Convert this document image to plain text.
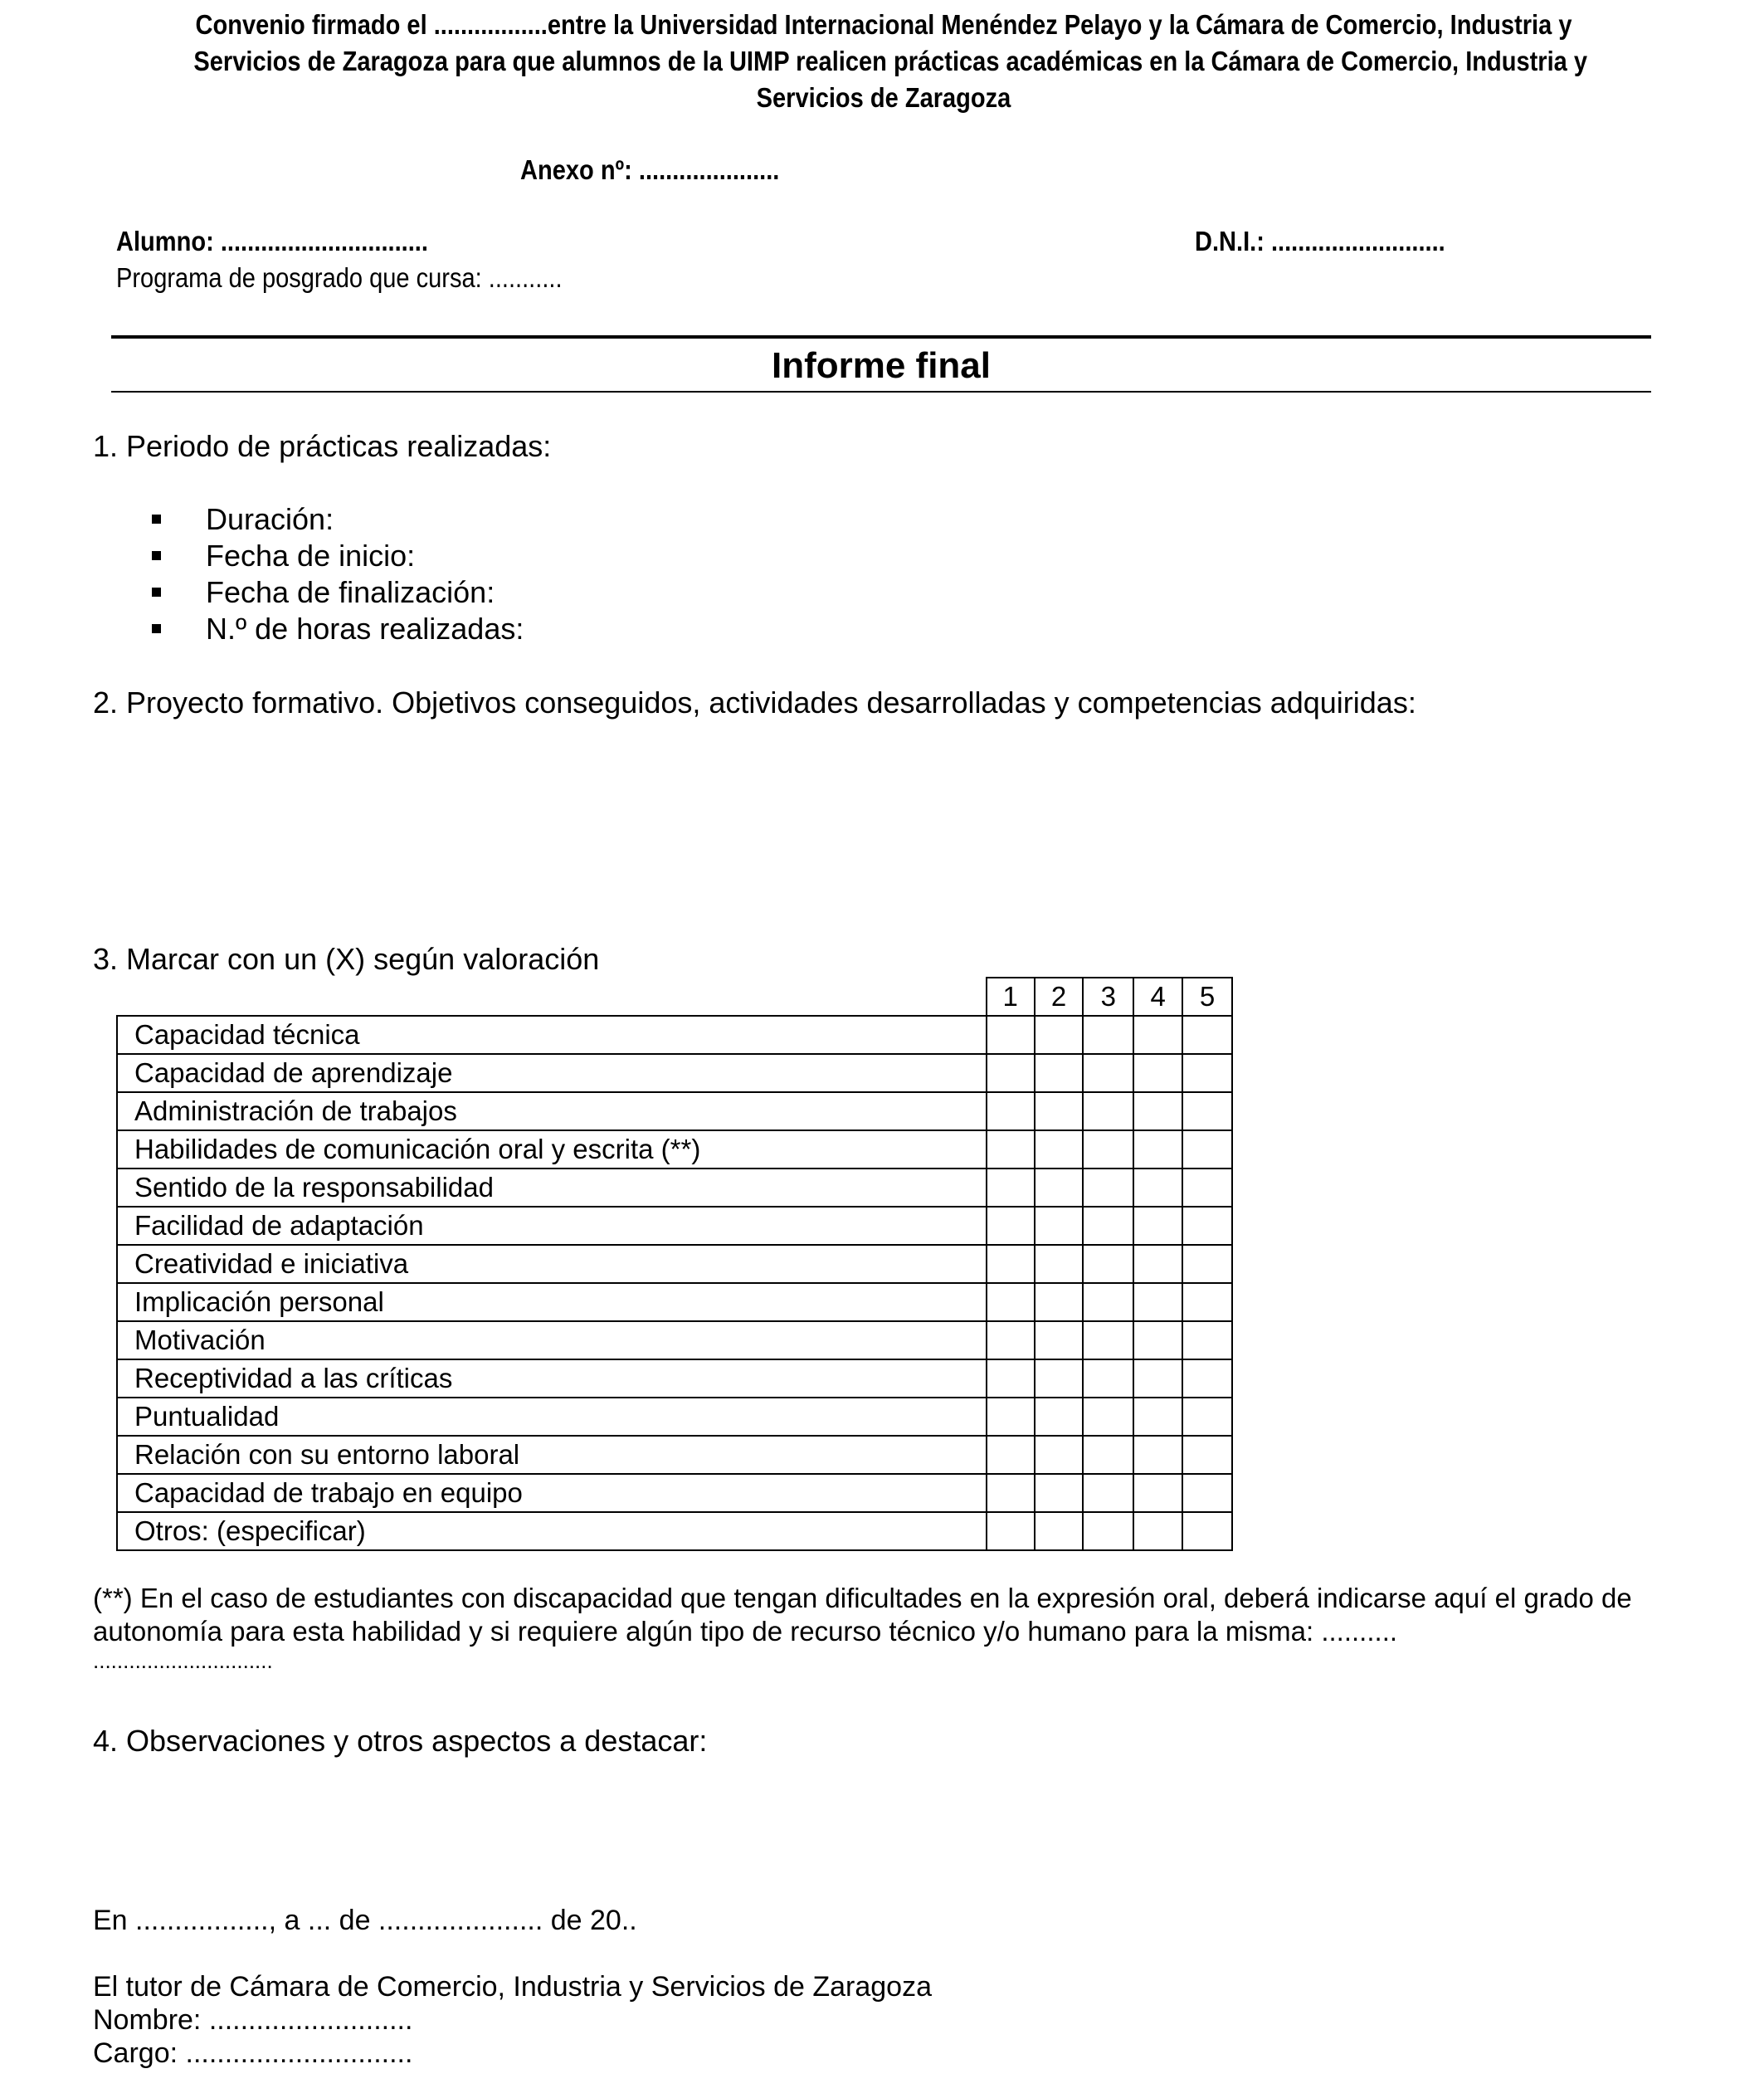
Convenio firmado el .................entre la Universidad Internacional Menéndez Pelayo y la Cámara de Comercio, Industria y
Servicios de Zaragoza para que alumnos de la UIMP realicen prácticas académicas en la Cámara de Comercio, Industria y
Servicios de Zaragoza
Anexo nº: .....................
Alumno: ...............................	D.N.I.: ..........................
Programa de posgrado que cursa: ...........
Informe final
1. Periodo de prácticas realizadas:
Duración:
Fecha de inicio:
Fecha de finalización:
N.º de horas realizadas:
2. Proyecto formativo. Objetivos conseguidos, actividades desarrolladas y competencias adquiridas:
3. Marcar con un (X) según valoración
	1	2	3	4	5
Capacidad técnica					
Capacidad de aprendizaje					
Administración de trabajos					
Habilidades de comunicación oral y escrita (**)					
Sentido de la responsabilidad					
Facilidad de adaptación					
Creatividad e iniciativa					
Implicación personal					
Motivación					
Receptividad a las críticas					
Puntualidad					
Relación con su entorno laboral					
Capacidad de trabajo en equipo					
Otros: (especificar)					
(**) En el caso de estudiantes con discapacidad que tengan dificultades en la expresión oral, deberá indicarse aquí el grado de
autonomía para esta habilidad y si requiere algún tipo de recurso técnico y/o humano para la misma: ..........
..............................
4. Observaciones y otros aspectos a destacar:
En ................., a ... de ..................... de 20..
El tutor de Cámara de Comercio, Industria y Servicios de Zaragoza
Nombre: ..........................
Cargo: .............................
